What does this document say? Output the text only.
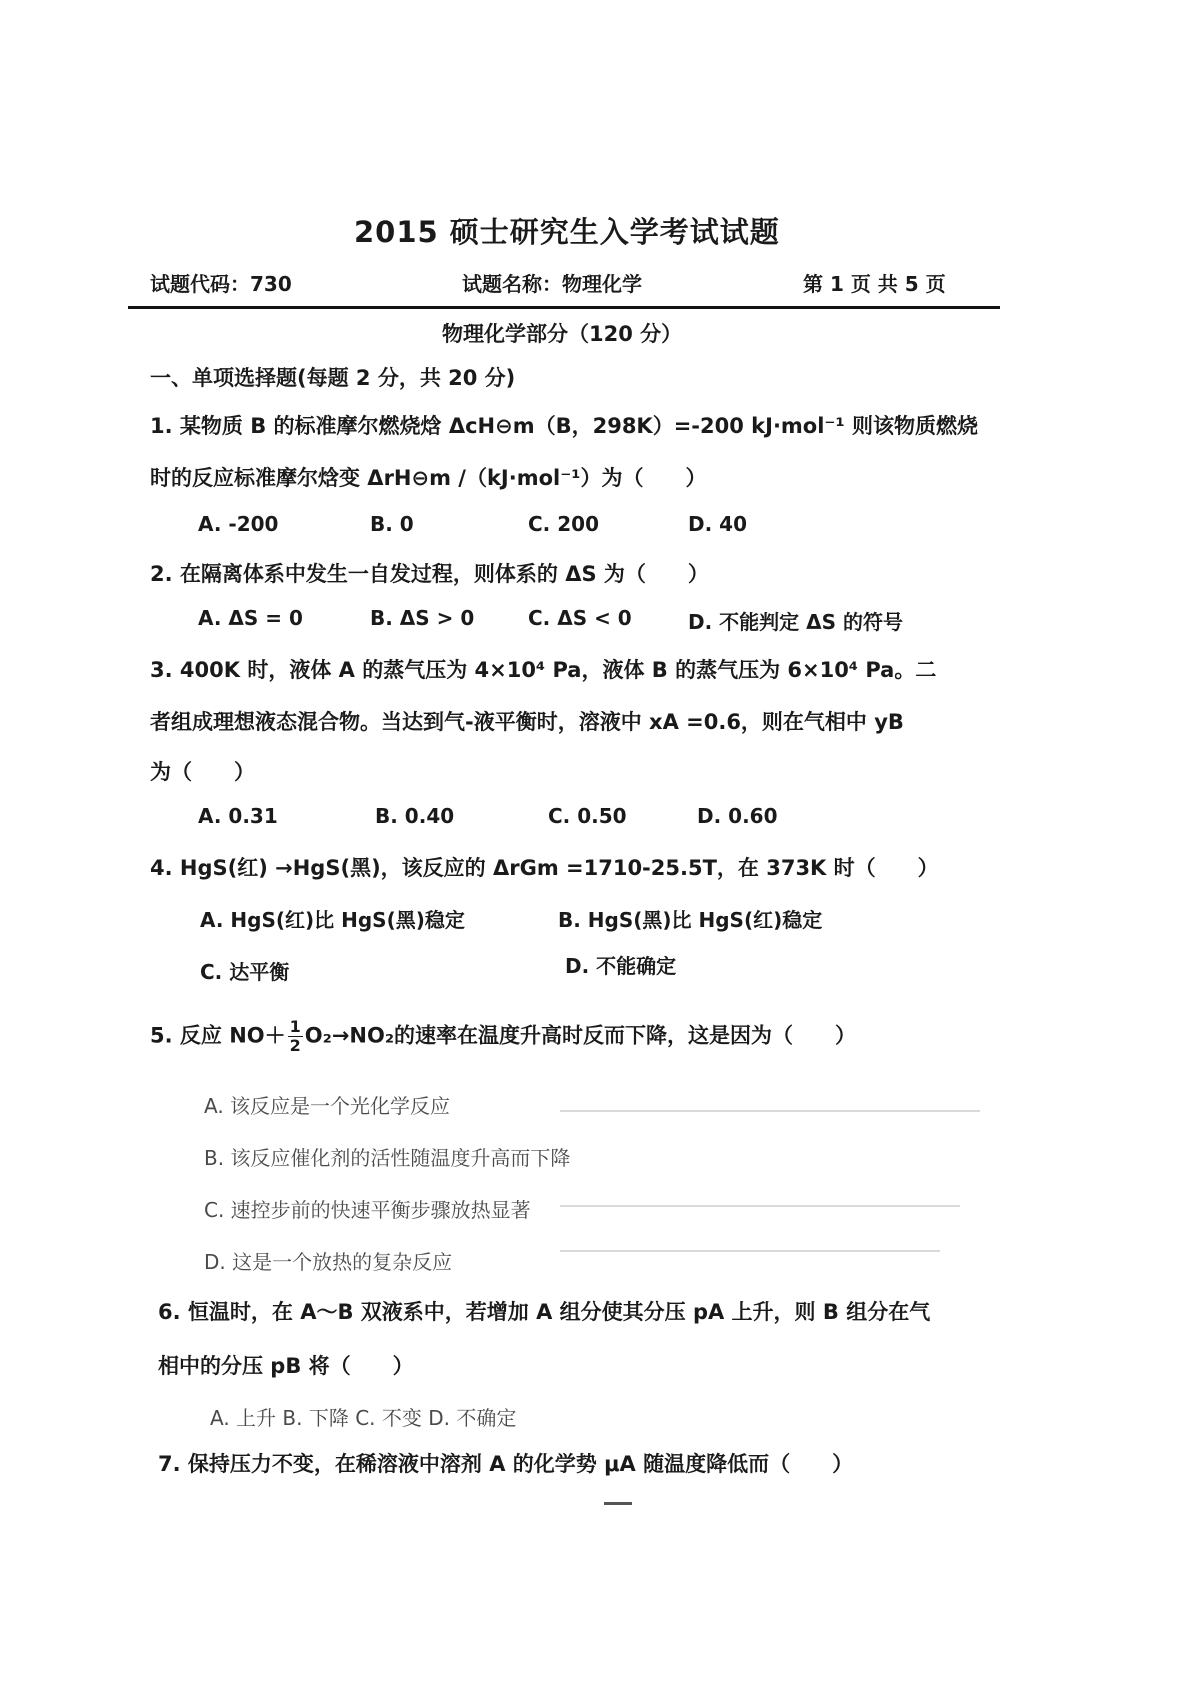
2015 硕士研究生入学考试试题
试题代码：730	试题名称：物理化学	第 1 页 共 5 页
物理化学部分（120 分）
一、单项选择题(每题 2 分，共 20 分)
1. 某物质 B 的标准摩尔燃烧焓 ΔcH⊖m（B，298K）=-200 kJ·mol⁻¹ 则该物质燃烧
时的反应标准摩尔焓变 ΔrH⊖m /（kJ·mol⁻¹）为（　　）
A. -200	B. 0	C. 200	D. 40
2. 在隔离体系中发生一自发过程，则体系的 ΔS 为（　　）
A. ΔS = 0	B. ΔS > 0	C. ΔS < 0	D. 不能判定 ΔS 的符号
3. 400K 时，液体 A 的蒸气压为 4×10⁴ Pa，液体 B 的蒸气压为 6×10⁴ Pa。二
者组成理想液态混合物。当达到气-液平衡时，溶液中 xA =0.6，则在气相中 yB
为（　　）
A. 0.31	B. 0.40	C. 0.50	D. 0.60
4. HgS(红) →HgS(黑)，该反应的 ΔrGm =1710-25.5T，在 373K 时（　　）
A. HgS(红)比 HgS(黑)稳定	B. HgS(黑)比 HgS(红)稳定
C. 达平衡	D. 不能确定
5. 反应 $NO+ \frac{1}{2} O_2\to NO_2$的速率在温度升高时反而下降，这是因为（　　）
A. 该反应是一个光化学反应
B. 该反应催化剂的活性随温度升高而下降
C. 速控步前的快速平衡步骤放热显著
D. 这是一个放热的复杂反应
6. 恒温时，在 A～B 双液系中，若增加 A 组分使其分压 pA 上升，则 B 组分在气
相中的分压 pB 将（　　）
A. 上升 B. 下降 C. 不变 D. 不确定
7. 保持压力不变，在稀溶液中溶剂 A 的化学势 μA 随温度降低而（　　）
